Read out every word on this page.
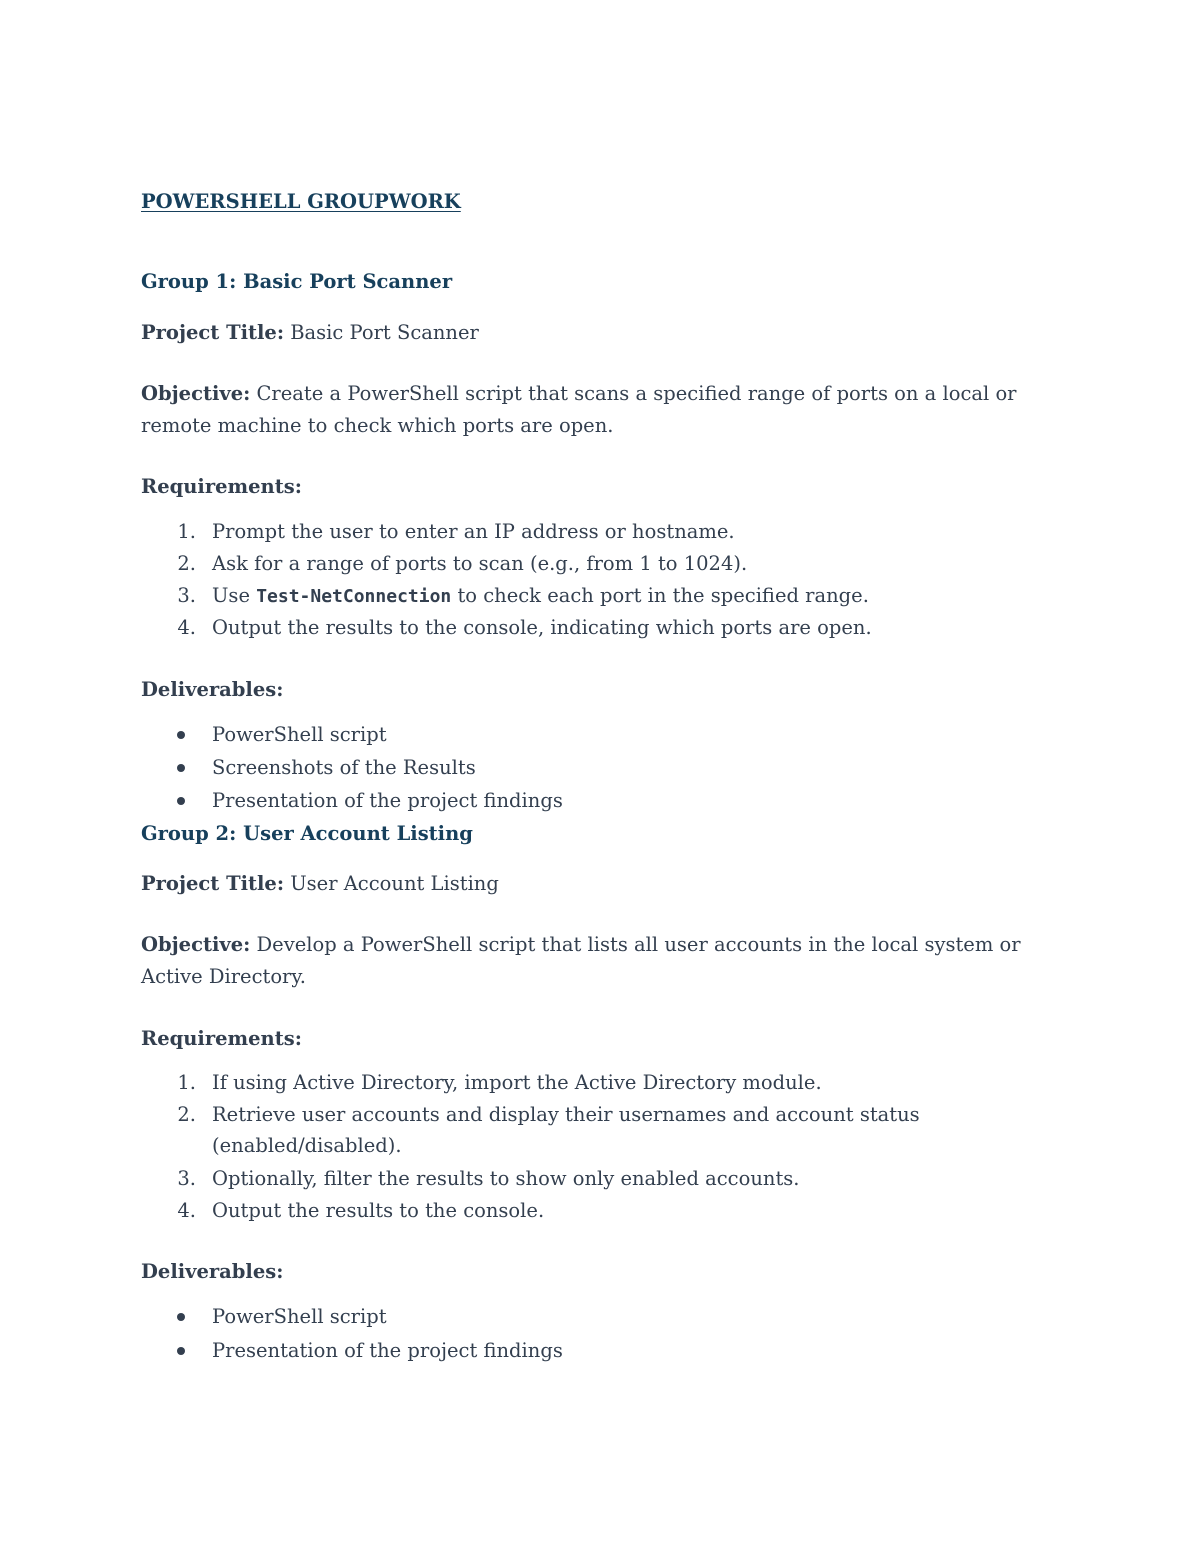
POWERSHELL GROUPWORK

Group 1: Basic Port Scanner

Project Title: Basic Port Scanner

Objective: Create a PowerShell script that scans a specified range of ports on a local or

remote machine to check which ports are open.

Requirements:

1. Prompt the user to enter an IP address or hostname.

2. Ask for a range of ports to scan (e.g., from 1 to 1024).

3. Use Test-NetConnection to check each port in the specified range.

4. Output the results to the console, indicating which ports are open.

Deliverables:

PowerShell script

Screenshots of the Results

Presentation of the project findings

Group 2: User Account Listing

Project Title: User Account Listing

Objective: Develop a PowerShell script that lists all user accounts in the local system or

Active Directory.

Requirements:

1. If using Active Directory, import the Active Directory module.

2. Retrieve user accounts and display their usernames and account status

(enabled/disabled).

3. Optionally, filter the results to show only enabled accounts.

4. Output the results to the console.

Deliverables:

PowerShell script

Presentation of the project findings
